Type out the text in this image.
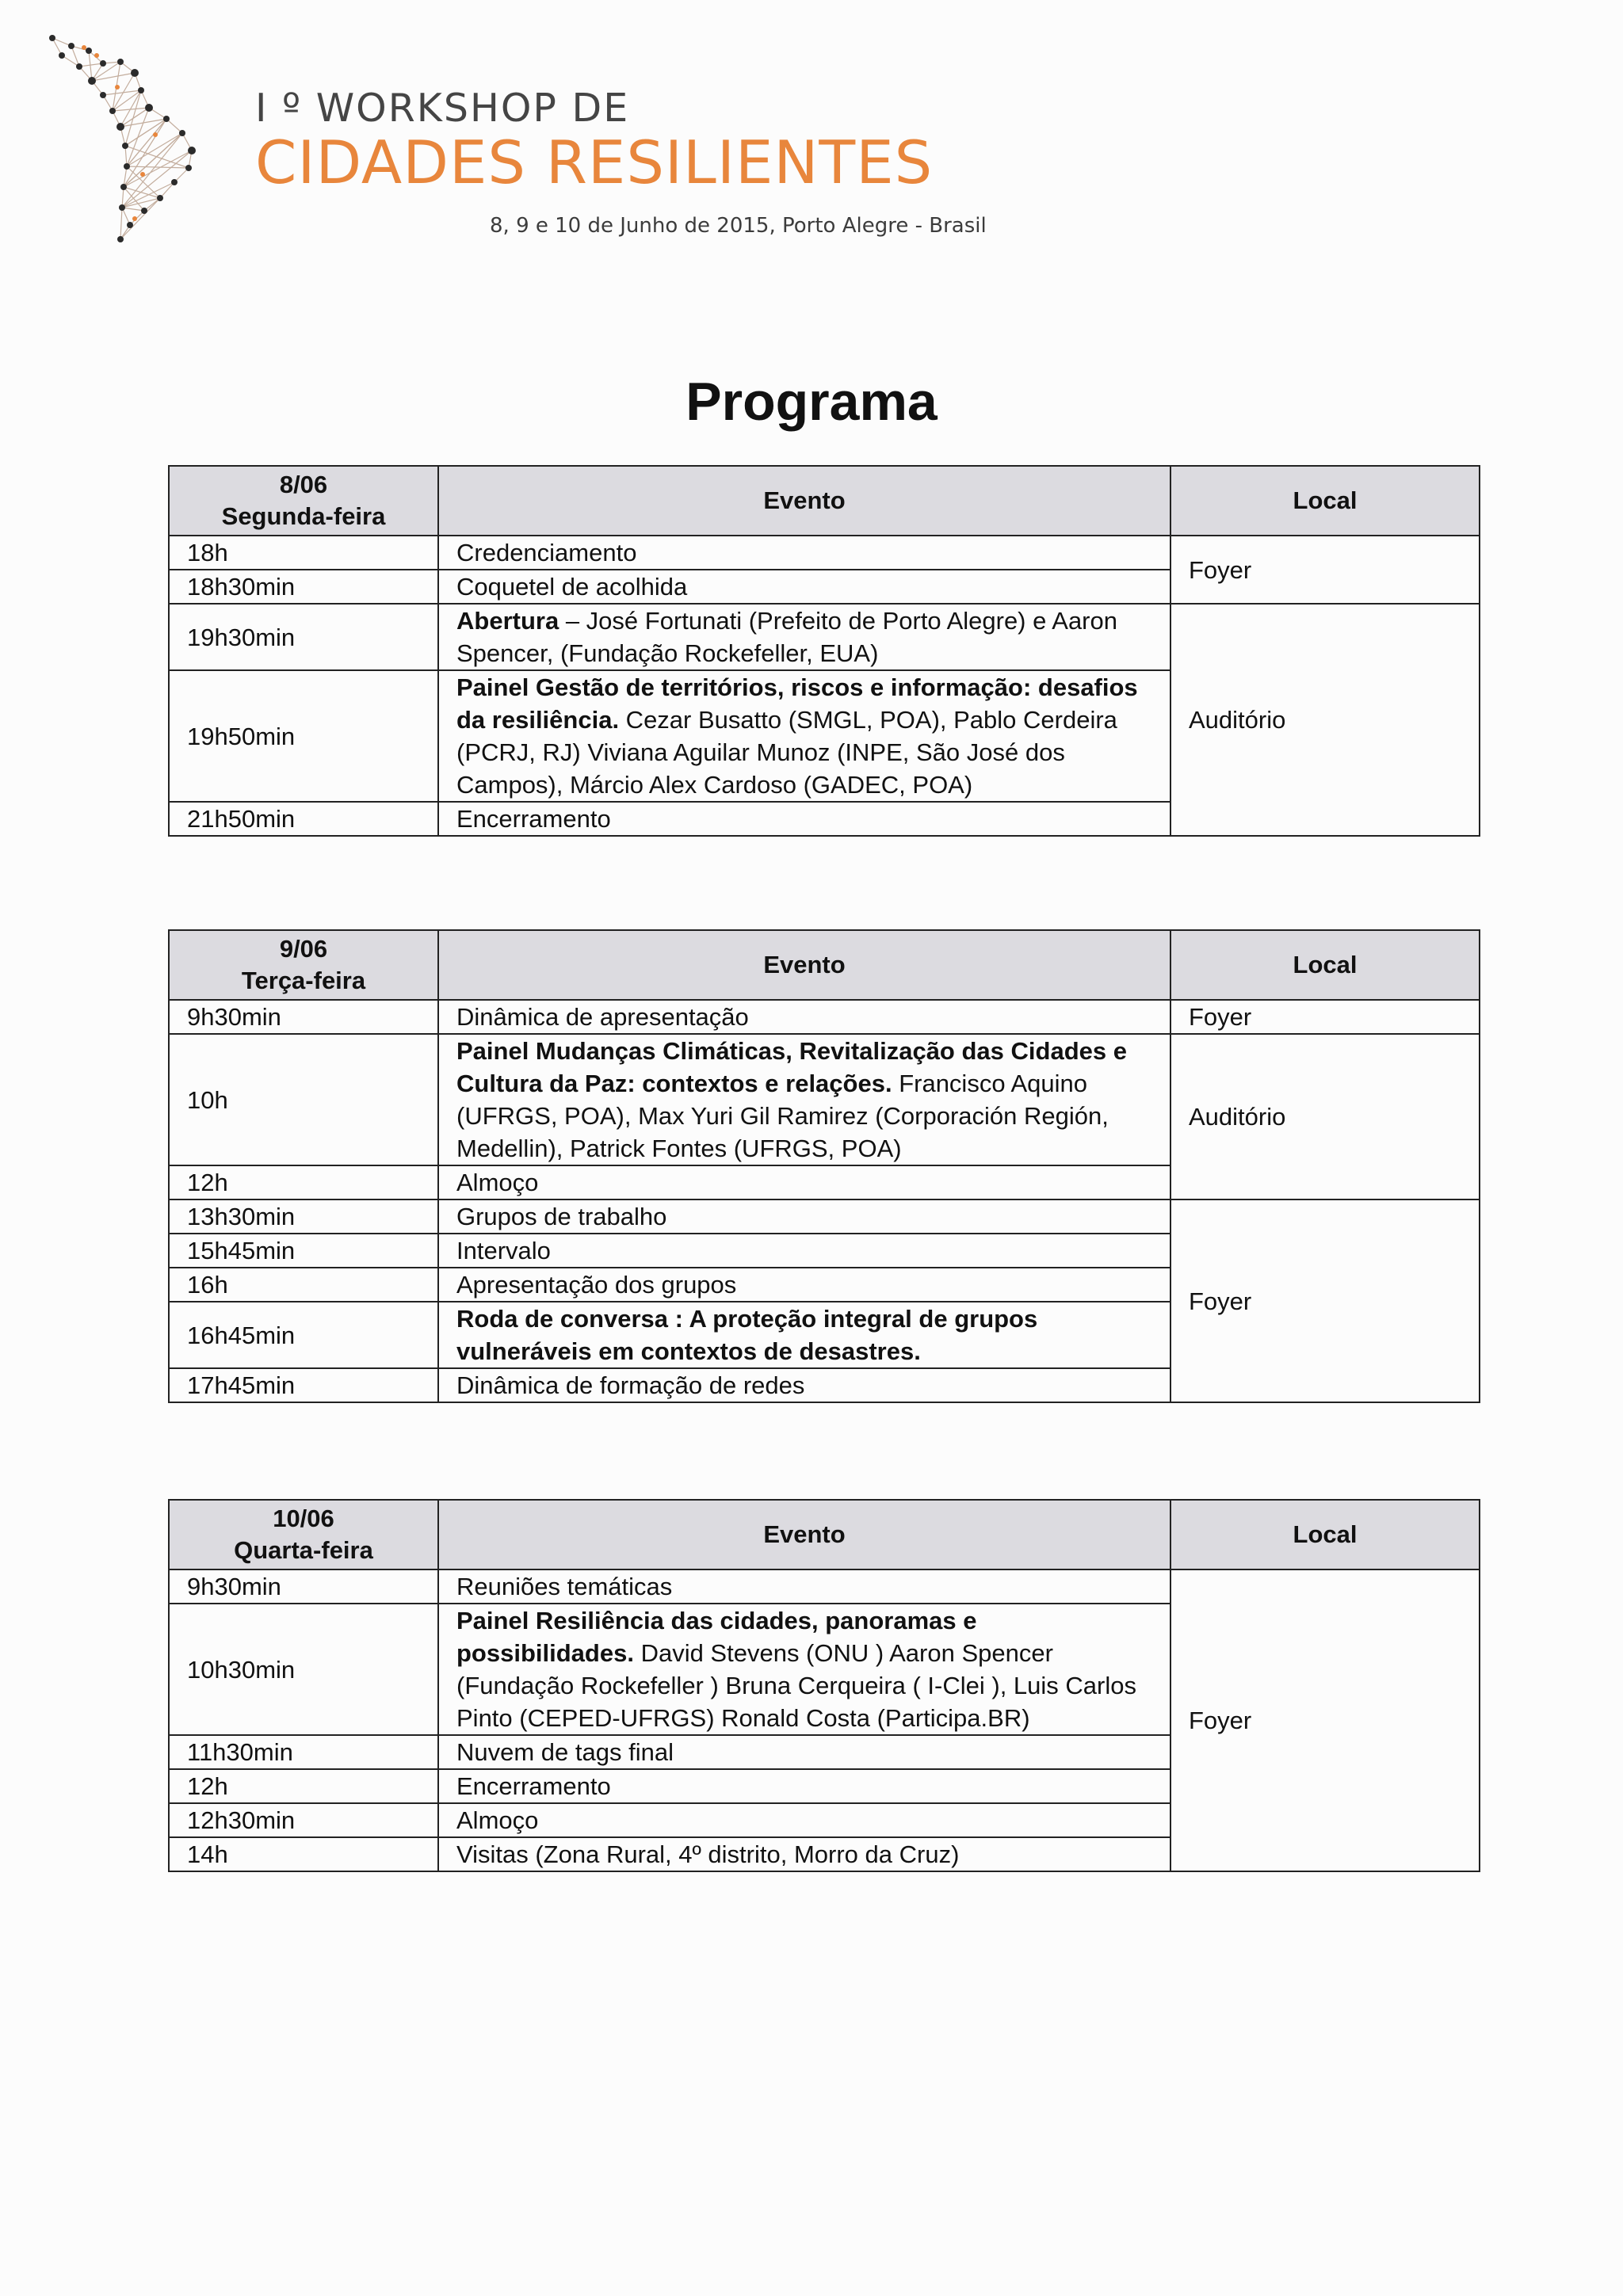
I º WORKSHOP DE
CIDADES RESILIENTES
8, 9 e 10 de Junho de 2015, Porto Alegre - Brasil
Programa
8/06
Segunda-feira	Evento	Local
18h	Credenciamento	Foyer
18h30min	Coquetel de acolhida	
19h30min	Abertura – José Fortunati (Prefeito de Porto Alegre) e Aaron Spencer, (Fundação Rockefeller, EUA)	Auditório
19h50min	Painel Gestão de territórios, riscos e informação: desafios da resiliência. Cezar Busatto (SMGL, POA), Pablo Cerdeira (PCRJ, RJ) Viviana Aguilar Munoz (INPE, São José dos Campos), Márcio Alex Cardoso (GADEC, POA)	
21h50min	Encerramento	
9/06
Terça-feira	Evento	Local
9h30min	Dinâmica de apresentação	Foyer
10h	Painel Mudanças Climáticas, Revitalização das Cidades e Cultura da Paz: contextos e relações. Francisco Aquino (UFRGS, POA), Max Yuri Gil Ramirez (Corporación Región, Medellin), Patrick Fontes (UFRGS, POA)	Auditório
12h	Almoço	
13h30min	Grupos de trabalho	Foyer
15h45min	Intervalo	
16h	Apresentação dos grupos	
16h45min	Roda de conversa : A proteção integral de grupos vulneráveis em contextos de desastres.	
17h45min	Dinâmica de formação de redes	
10/06
Quarta-feira	Evento	Local
9h30min	Reuniões temáticas	Foyer
10h30min	Painel Resiliência das cidades, panoramas e possibilidades. David Stevens (ONU ) Aaron Spencer (Fundação Rockefeller ) Bruna Cerqueira ( I-Clei ), Luis Carlos Pinto (CEPED-UFRGS) Ronald Costa (Participa.BR)	
11h30min	Nuvem de tags final	
12h	Encerramento	
12h30min	Almoço	
14h	Visitas (Zona Rural, 4º distrito, Morro da Cruz)	
